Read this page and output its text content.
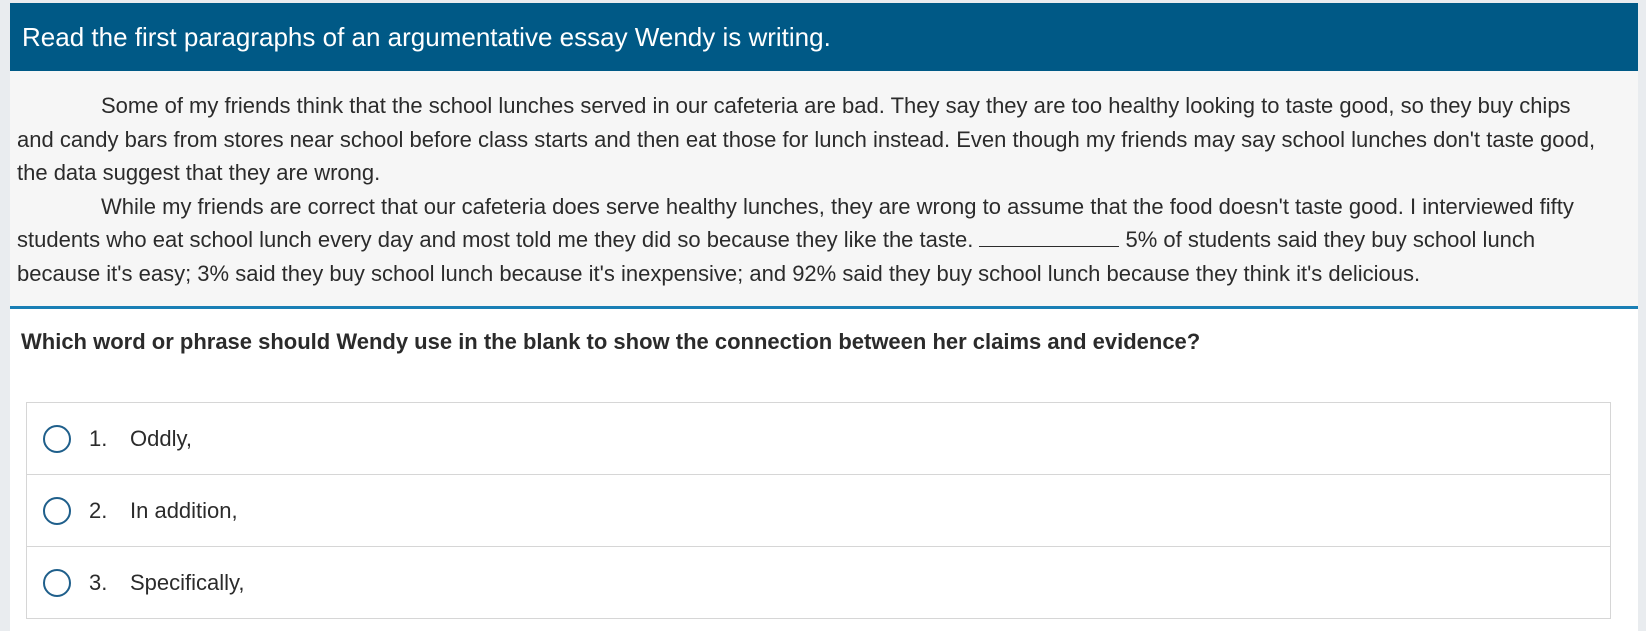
Read the first paragraphs of an argumentative essay Wendy is writing.

Some of my friends think that the school lunches served in our cafeteria are bad. They say they are too healthy looking to taste good, so they buy chips and candy bars from stores near school before class starts and then eat those for lunch instead. Even though my friends may say school lunches don't taste good, the data suggest that they are wrong.

While my friends are correct that our cafeteria does serve healthy lunches, they are wrong to assume that the food doesn't taste good. I interviewed fifty students who eat school lunch every day and most told me they did so because they like the taste.	5% of students said they buy school lunch because it's easy; 3% said they buy school lunch because it's inexpensive; and 92% said they buy school lunch because they think it's delicious.

Which word or phrase should Wendy use in the blank to show the connection between her claims and evidence?
1.	Oddly,
2.	In addition,
3.	Specifically,
